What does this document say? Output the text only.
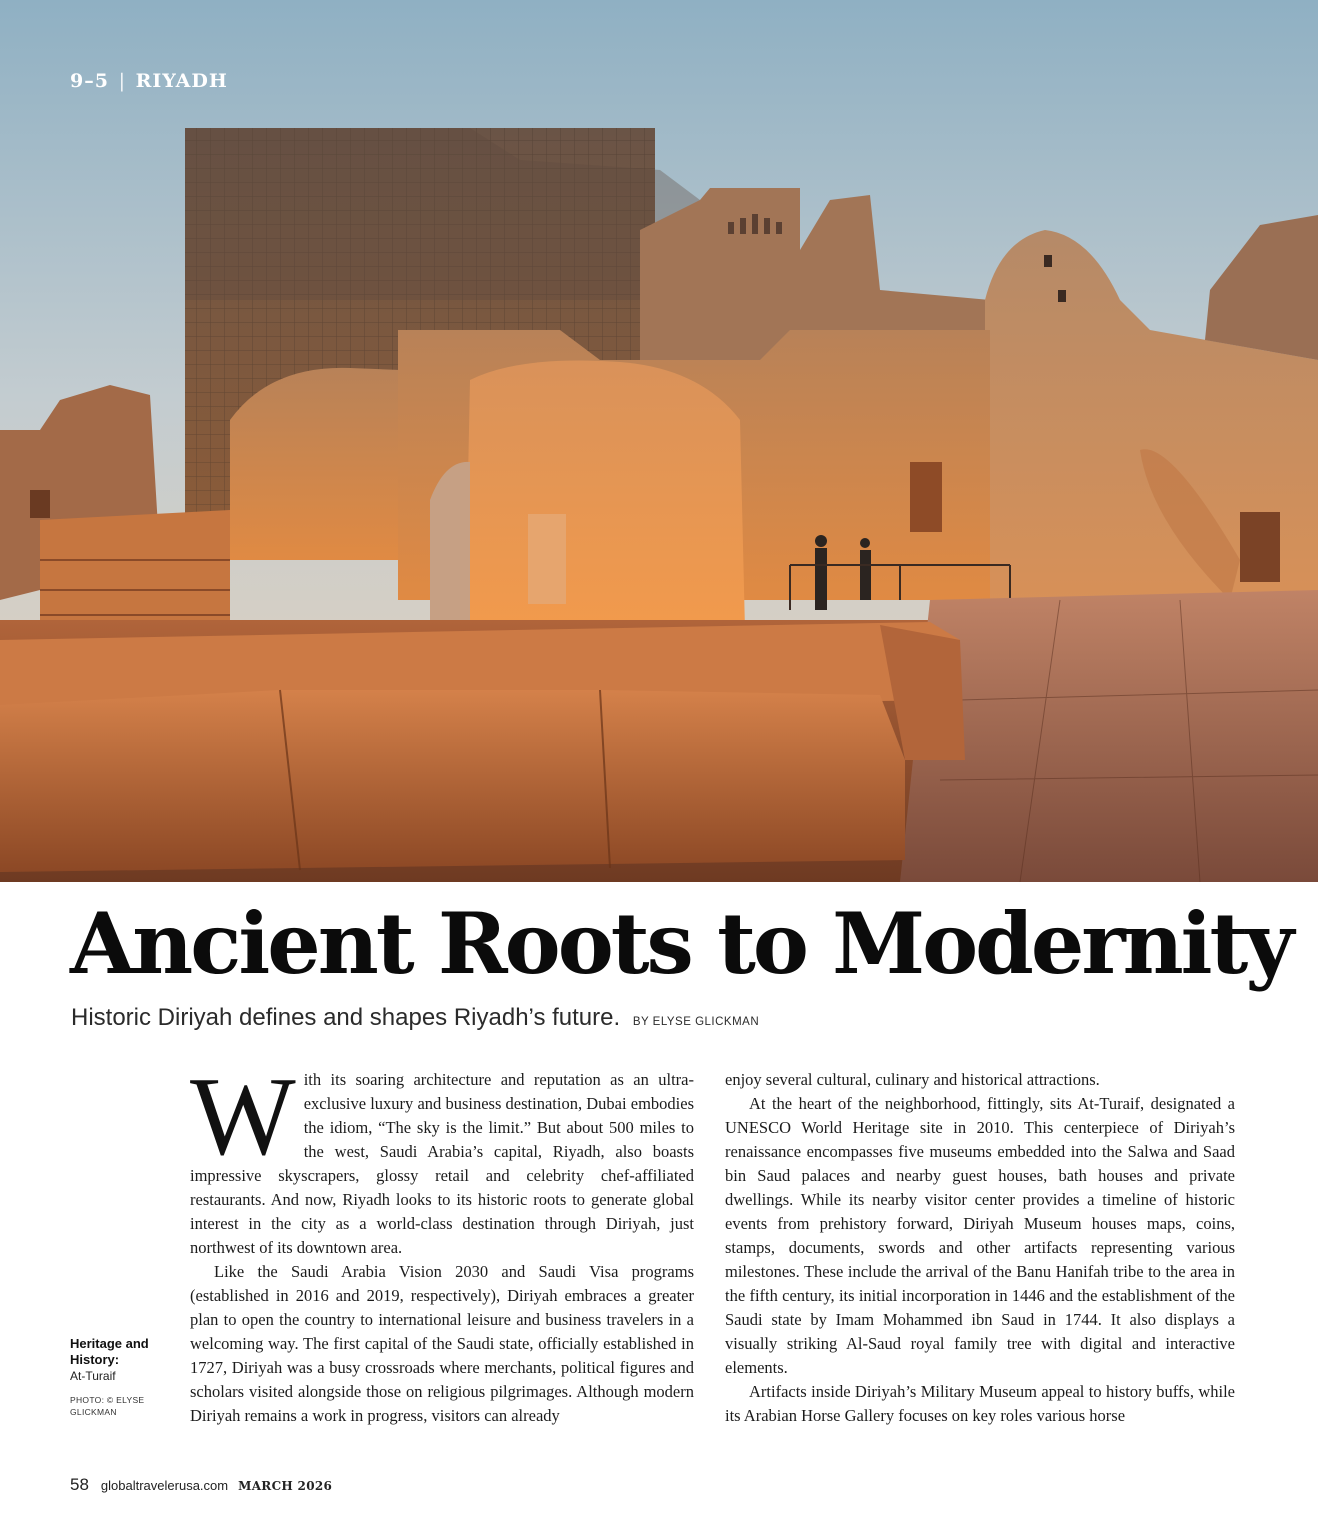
9–5 | RIYADH
Ancient Roots to Modernity
Historic Diriyah defines and shapes Riyadh’s future. BY ELYSE GLICKMAN
Heritage and History:
At-Turaif
PHOTO: © ELYSE GLICKMAN

With its soaring architecture and reputation as an ultra-exclusive luxury and business destination, Dubai embodies the idiom, “The sky is the limit.” But about 500 miles to the west, Saudi Arabia’s capital, Riyadh, also boasts impressive skyscrapers, glossy retail and celebrity chef-affiliated restaurants. And now, Riyadh looks to its historic roots to generate global interest in the city as a world-class destination through Diriyah, just northwest of its downtown area.

Like the Saudi Arabia Vision 2030 and Saudi Visa programs (established in 2016 and 2019, respectively), Diriyah embraces a greater plan to open the country to international leisure and business travelers in a welcoming way. The first capital of the Saudi state, officially established in 1727, Diriyah was a busy crossroads where merchants, political figures and scholars visited alongside those on religious pilgrimages. Although modern Diriyah remains a work in progress, visitors can already

enjoy several cultural, culinary and historical attractions.

At the heart of the neighborhood, fittingly, sits At-Turaif, designated a UNESCO World Heritage site in 2010. This centerpiece of Diriyah’s renaissance encompasses five museums embedded into the Salwa and Saad bin Saud palaces and nearby guest houses, bath houses and private dwellings. While its nearby visitor center provides a timeline of historic events from prehistory forward, Diriyah Museum houses maps, coins, stamps, documents, swords and other artifacts representing various milestones. These include the arrival of the Banu Hanifah tribe to the area in the fifth century, its initial incorporation in 1446 and the establishment of the Saudi state by Imam Mohammed ibn Saud in 1744. It also displays a visually striking Al-Saud royal family tree with digital and interactive elements.

Artifacts inside Diriyah’s Military Museum appeal to history buffs, while its Arabian Horse Gallery focuses on key roles various horse

58 globaltravelerusa.com MARCH 2026
